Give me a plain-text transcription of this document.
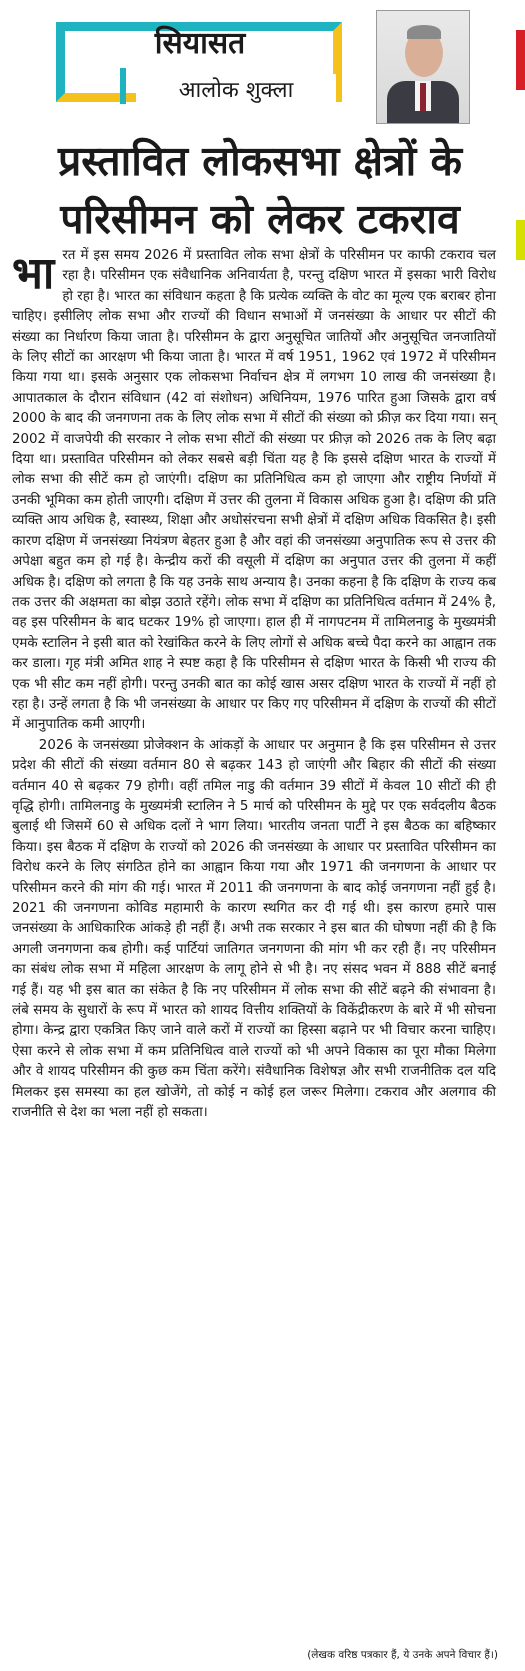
सियासत
आलोक शुक्ला
प्रस्तावित लोकसभा क्षेत्रों के परिसीमन को लेकर टकराव
भा रत में इस समय 2026 में प्रस्तावित लोक सभा क्षेत्रों के परिसीमन पर काफी टकराव चल रहा है। परिसीमन एक संवैधानिक अनिवार्यता है, परन्तु दक्षिण भारत में इसका भारी विरोध हो रहा है। भारत का संविधान कहता है कि प्रत्येक व्यक्ति के वोट का मूल्य एक बराबर होना चाहिए। इसीलिए लोक सभा और राज्यों की विधान सभाओं में जनसंख्या के आधार पर सीटों की संख्या का निर्धारण किया जाता है। परिसीमन के द्वारा अनुसूचित जातियों और अनुसूचित जनजातियों के लिए सीटों का आरक्षण भी किया जाता है। भारत में वर्ष 1951, 1962 एवं 1972 में परिसीमन किया गया था। इसके अनुसार एक लोकसभा निर्वाचन क्षेत्र में लगभग 10 लाख की जनसंख्या है। आपातकाल के दौरान संविधान (42 वां संशोधन) अधिनियम, 1976 पारित हुआ जिसके द्वारा वर्ष 2000 के बाद की जनगणना तक के लिए लोक सभा में सीटों की संख्या को फ्रीज़ कर दिया गया। सन् 2002 में वाजपेयी की सरकार ने लोक सभा सीटों की संख्या पर फ्रीज़ को 2026 तक के लिए बढ़ा दिया था। प्रस्तावित परिसीमन को लेकर सबसे बड़ी चिंता यह है कि इससे दक्षिण भारत के राज्यों में लोक सभा की सीटें कम हो जाएंगी। दक्षिण का प्रतिनिधित्व कम हो जाएगा और राष्ट्रीय निर्णयों में उनकी भूमिका कम होती जाएगी। दक्षिण में उत्तर की तुलना में विकास अधिक हुआ है। दक्षिण की प्रति व्यक्ति आय अधिक है, स्वास्थ्य, शिक्षा और अधोसंरचना सभी क्षेत्रों में दक्षिण अधिक विकसित है। इसी कारण दक्षिण में जनसंख्या नियंत्रण बेहतर हुआ है और वहां की जनसंख्या अनुपातिक रूप से उत्तर की अपेक्षा बहुत कम हो गई है। केन्द्रीय करों की वसूली में दक्षिण का अनुपात उत्तर की तुलना में कहीं अधिक है। दक्षिण को लगता है कि यह उनके साथ अन्याय है। उनका कहना है कि दक्षिण के राज्य कब तक उत्तर की अक्षमता का बोझ उठाते रहेंगे। लोक सभा में दक्षिण का प्रतिनिधित्व वर्तमान में 24% है, वह इस परिसीमन के बाद घटकर 19% हो जाएगा। हाल ही में नागपटनम में तामिलनाडु के मुख्यमंत्री एमके स्टालिन ने इसी बात को रेखांकित करने के लिए लोगों से अधिक बच्चे पैदा करने का आह्वान तक कर डाला। गृह मंत्री अमित शाह ने स्पष्ट कहा है कि परिसीमन से दक्षिण भारत के किसी भी राज्य की एक भी सीट कम नहीं होगी। परन्तु उनकी बात का कोई खास असर दक्षिण भारत के राज्यों में नहीं हो रहा है। उन्हें लगता है कि भी जनसंख्या के आधार पर किए गए परिसीमन में दक्षिण के राज्यों की सीटों में आनुपातिक कमी आएगी।

2026 के जनसंख्या प्रोजेक्शन के आंकड़ों के आधार पर अनुमान है कि इस परिसीमन से उत्तर प्रदेश की सीटों की संख्या वर्तमान 80 से बढ़कर 143 हो जाएंगी और बिहार की सीटों की संख्या वर्तमान 40 से बढ़कर 79 होगी। वहीं तमिल नाडु की वर्तमान 39 सीटों में केवल 10 सीटों की ही वृद्धि होगी। तामिलनाडु के मुख्यमंत्री स्टालिन ने 5 मार्च को परिसीमन के मुद्दे पर एक सर्वदलीय बैठक बुलाई थी जिसमें 60 से अधिक दलों ने भाग लिया। भारतीय जनता पार्टी ने इस बैठक का बहिष्कार किया। इस बैठक में दक्षिण के राज्यों को 2026 की जनसंख्या के आधार पर प्रस्तावित परिसीमन का विरोध करने के लिए संगठित होने का आह्वान किया गया और 1971 की जनगणना के आधार पर परिसीमन करने की मांग की गई। भारत में 2011 की जनगणना के बाद कोई जनगणना नहीं हुई है। 2021 की जनगणना कोविड महामारी के कारण स्थगित कर दी गई थी। इस कारण हमारे पास जनसंख्या के आधिकारिक आंकड़े ही नहीं हैं। अभी तक सरकार ने इस बात की घोषणा नहीं की है कि अगली जनगणना कब होगी। कई पार्टियां जातिगत जनगणना की मांग भी कर रही हैं। नए परिसीमन का संबंध लोक सभा में महिला आरक्षण के लागू होने से भी है। नए संसद भवन में 888 सीटें बनाई गई हैं। यह भी इस बात का संकेत है कि नए परिसीमन में लोक सभा की सीटें बढ़ने की संभावना है। लंबे समय के सुधारों के रूप में भारत को शायद वित्तीय शक्तियों के विकेंद्रीकरण के बारे में भी सोचना होगा। केन्द्र द्वारा एकत्रित किए जाने वाले करों में राज्यों का हिस्सा बढ़ाने पर भी विचार करना चाहिए। ऐसा करने से लोक सभा में कम प्रतिनिधित्व वाले राज्यों को भी अपने विकास का पूरा मौका मिलेगा और वे शायद परिसीमन की कुछ कम चिंता करेंगे। संवैधानिक विशेषज्ञ और सभी राजनीतिक दल यदि मिलकर इस समस्या का हल खोजेंगे, तो कोई न कोई हल जरूर मिलेगा। टकराव और अलगाव की राजनीति से देश का भला नहीं हो सकता।

(लेखक वरिष्ठ पत्रकार हैं, ये उनके अपने विचार हैं।)
